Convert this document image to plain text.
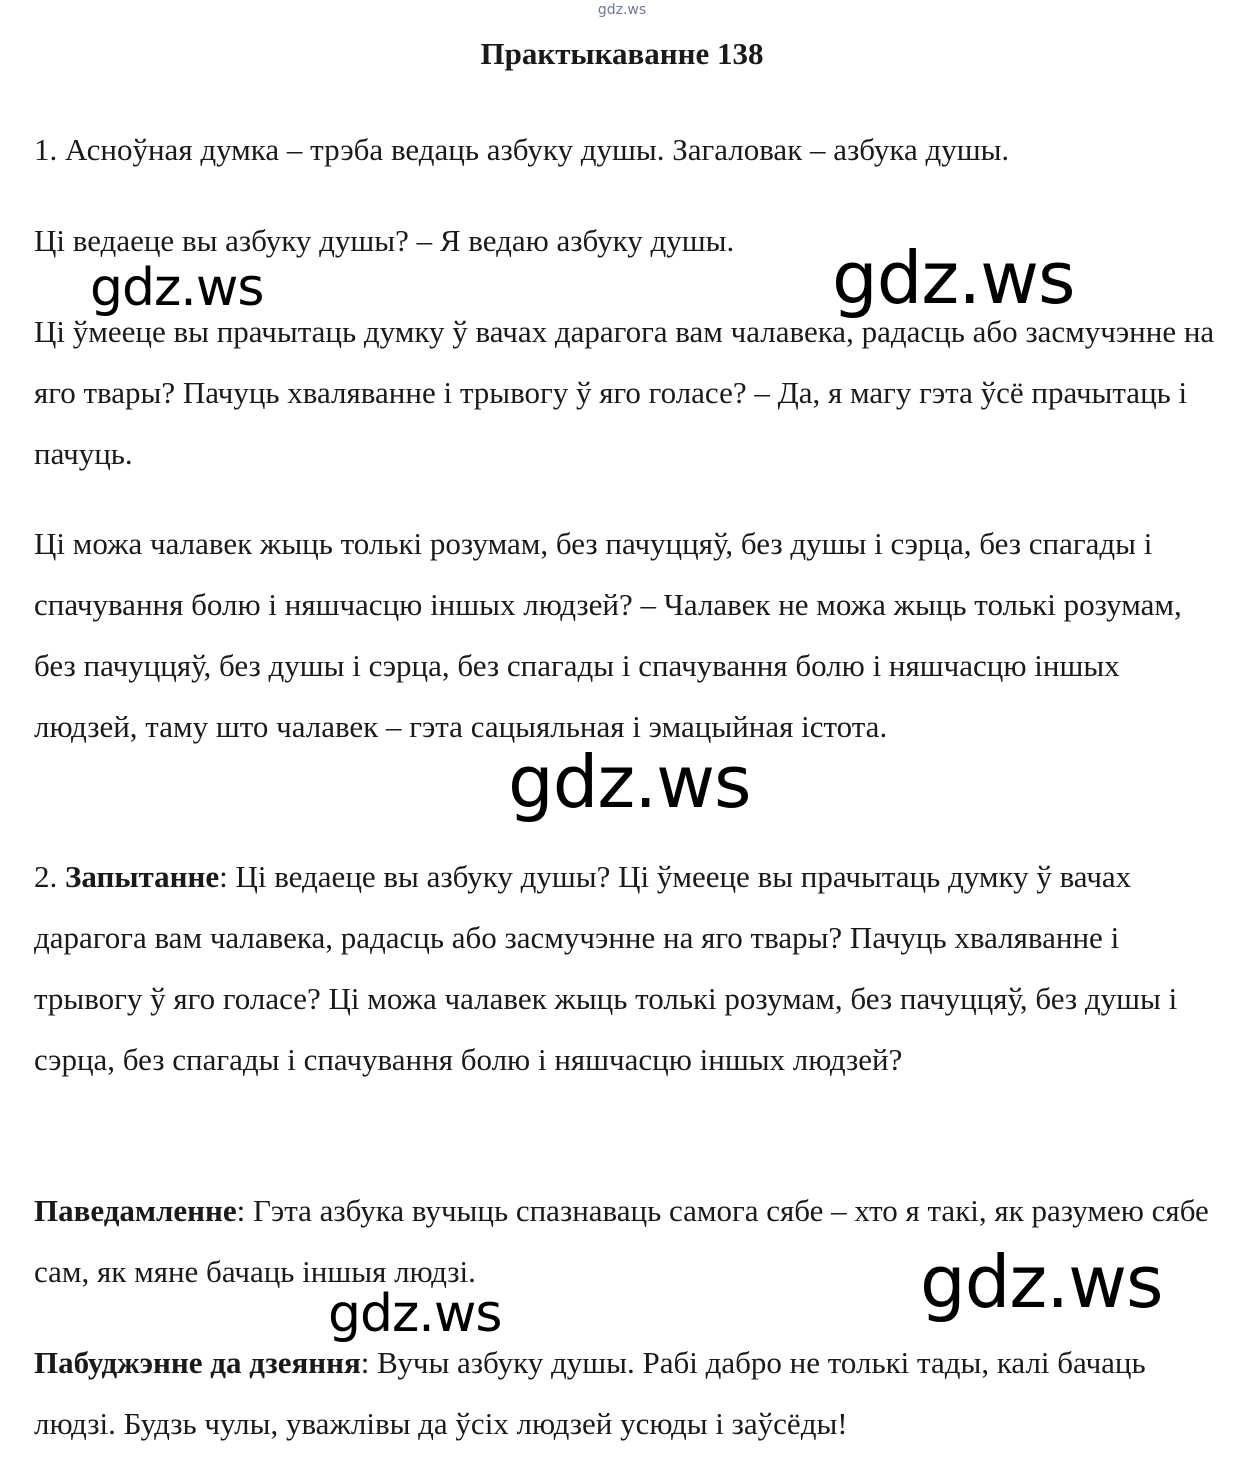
gdz.ws
Практыкаванне 138

1. Асноўная думка – трэба ведаць азбуку душы. Загаловак – азбука душы.

Ці ведаеце вы азбуку душы? – Я ведаю азбуку душы.

Ці ўмееце вы прачытаць думку ў вачах дарагога вам чалавека, радасць або засмучэнне на яго твары? Пачуць хваляванне і трывогу ў яго голасе? – Да, я магу гэта ўсё прачытаць і пачуць.

Ці можа чалавек жыць толькі розумам, без пачуццяў, без душы і сэрца, без спагады і спачування болю і няшчасцю іншых людзей? – Чалавек не можа жыць толькі розумам, без пачуццяў, без душы і сэрца, без спагады і спачування болю і няшчасцю іншых людзей, таму што чалавек – гэта сацыяльная і эмацыйная істота.

2. Запытанне: Ці ведаеце вы азбуку душы? Ці ўмееце вы прачытаць думку ў вачах дарагога вам чалавека, радасць або засмучэнне на яго твары? Пачуць хваляванне і трывогу ў яго голасе? Ці можа чалавек жыць толькі розумам, без пачуццяў, без душы і сэрца, без спагады і спачування болю і няшчасцю іншых людзей?

Паведамленне: Гэта азбука вучыць спазнаваць самога сябе – хто я такі, як разумею сябе сам, як мяне бачаць іншыя людзі.

Пабуджэнне да дзеяння: Вучы азбуку душы. Рабі дабро не толькі тады, калі бачаць людзі. Будзь чулы, уважлівы да ўсіх людзей усюды і заўсёды!

gdz.ws	gdz.ws
gdz.ws
gdz.ws
gdz.ws
